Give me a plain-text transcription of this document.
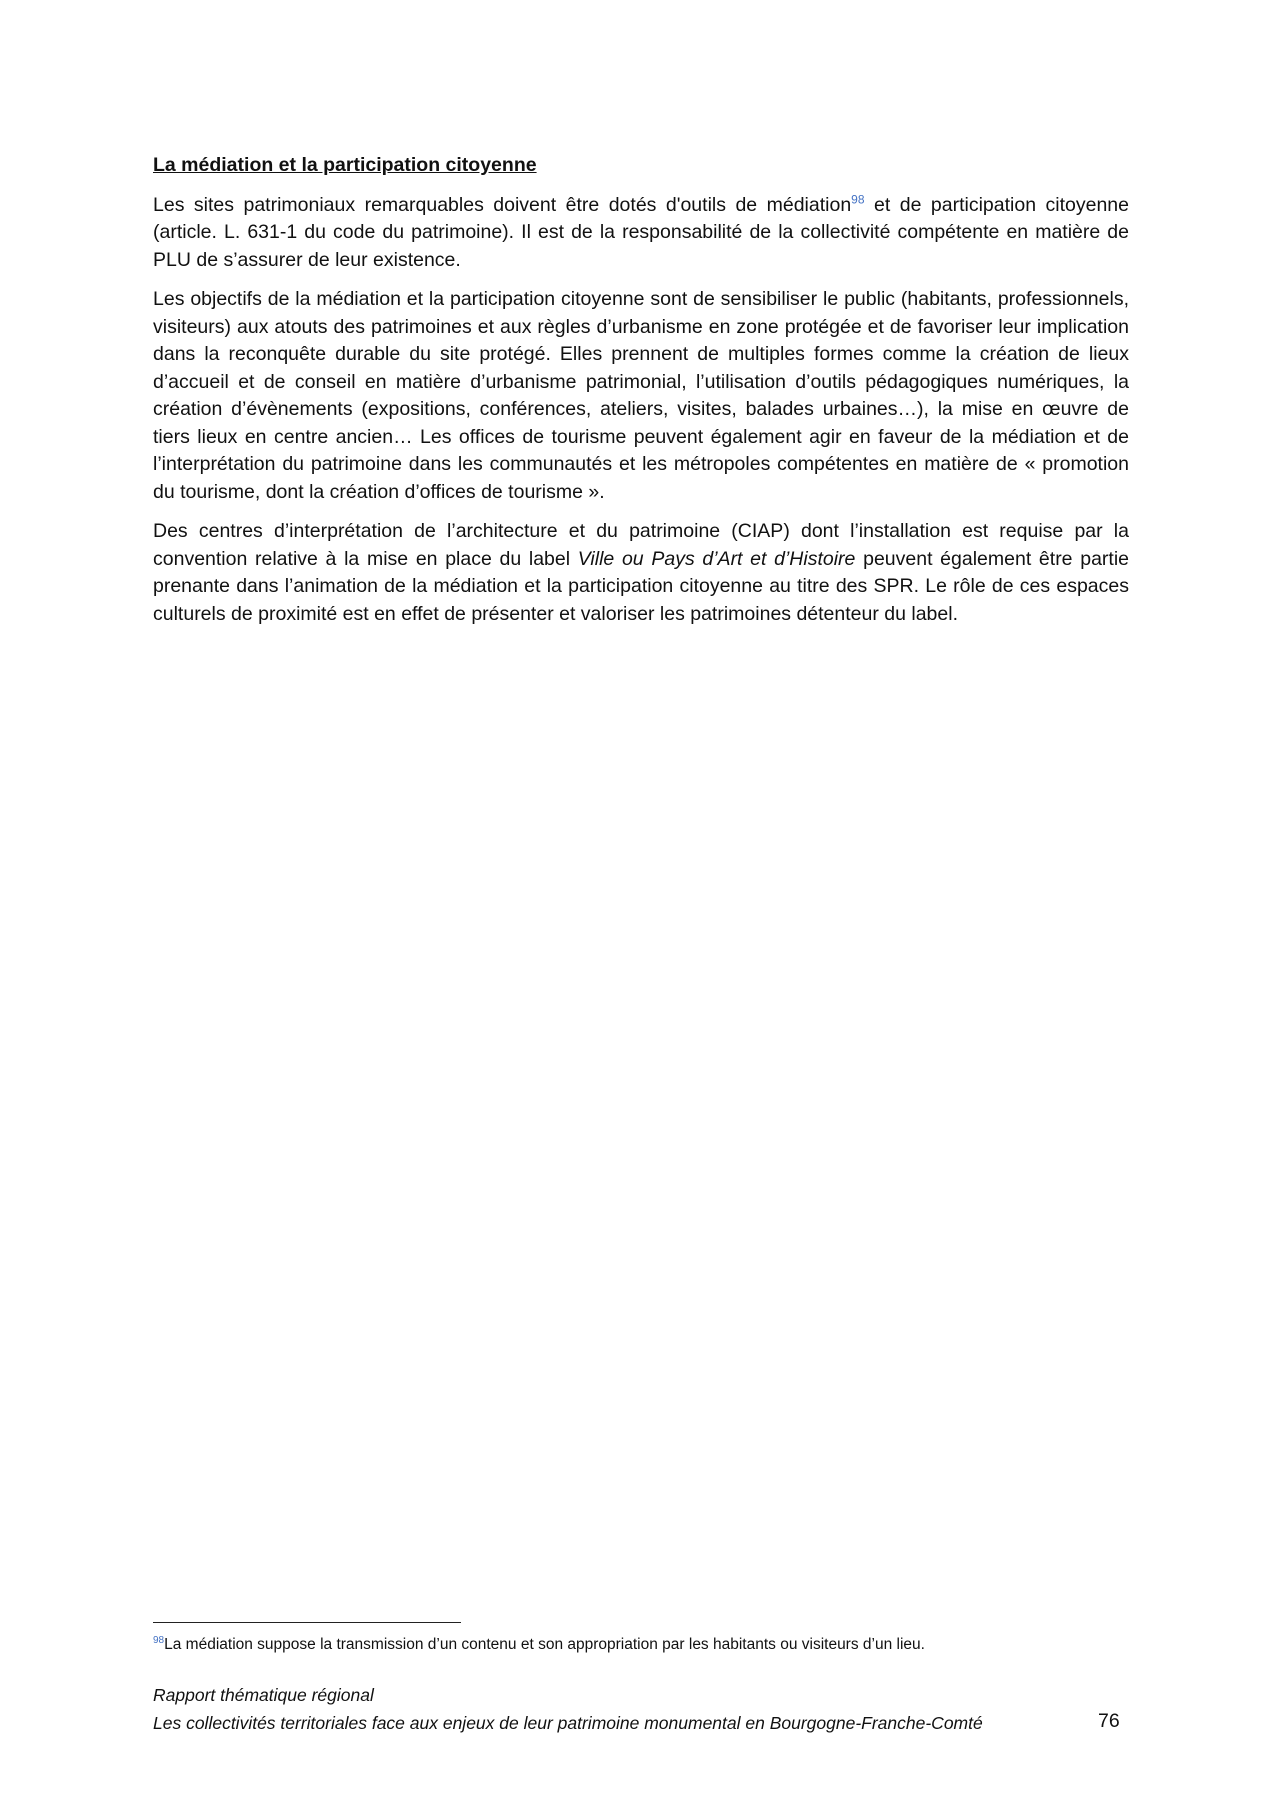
La médiation et la participation citoyenne

Les sites patrimoniaux remarquables doivent être dotés d'outils de médiation$^{98}$ et de participation citoyenne (article. L. 631-1 du code du patrimoine). Il est de la responsabilité de la collectivité compétente en matière de PLU de s’assurer de leur existence.

Les objectifs de la médiation et la participation citoyenne sont de sensibiliser le public (habitants, professionnels, visiteurs) aux atouts des patrimoines et aux règles d’urbanisme en zone protégée et de favoriser leur implication dans la reconquête durable du site protégé. Elles prennent de multiples formes comme la création de lieux d’accueil et de conseil en matière d’urbanisme patrimonial, l’utilisation d’outils pédagogiques numériques, la création d’évènements (expositions, conférences, ateliers, visites, balades urbaines…), la mise en œuvre de tiers lieux en centre ancien… Les offices de tourisme peuvent également agir en faveur de la médiation et de l’interprétation du patrimoine dans les communautés et les métropoles compétentes en matière de « promotion du tourisme, dont la création d’offices de tourisme ».

Des centres d’interprétation de l’architecture et du patrimoine (CIAP) dont l’installation est requise par la convention relative à la mise en place du label Ville ou Pays d’Art et d’Histoire peuvent également être partie prenante dans l’animation de la médiation et la participation citoyenne au titre des SPR. Le rôle de ces espaces culturels de proximité est en effet de présenter et valoriser les patrimoines détenteur du label.

$^{98}$La médiation suppose la transmission d’un contenu et son appropriation par les habitants ou visiteurs d’un lieu.
Rapport thématique régional
Les collectivités territoriales face aux enjeux de leur patrimoine monumental en Bourgogne-Franche-Comté	76
